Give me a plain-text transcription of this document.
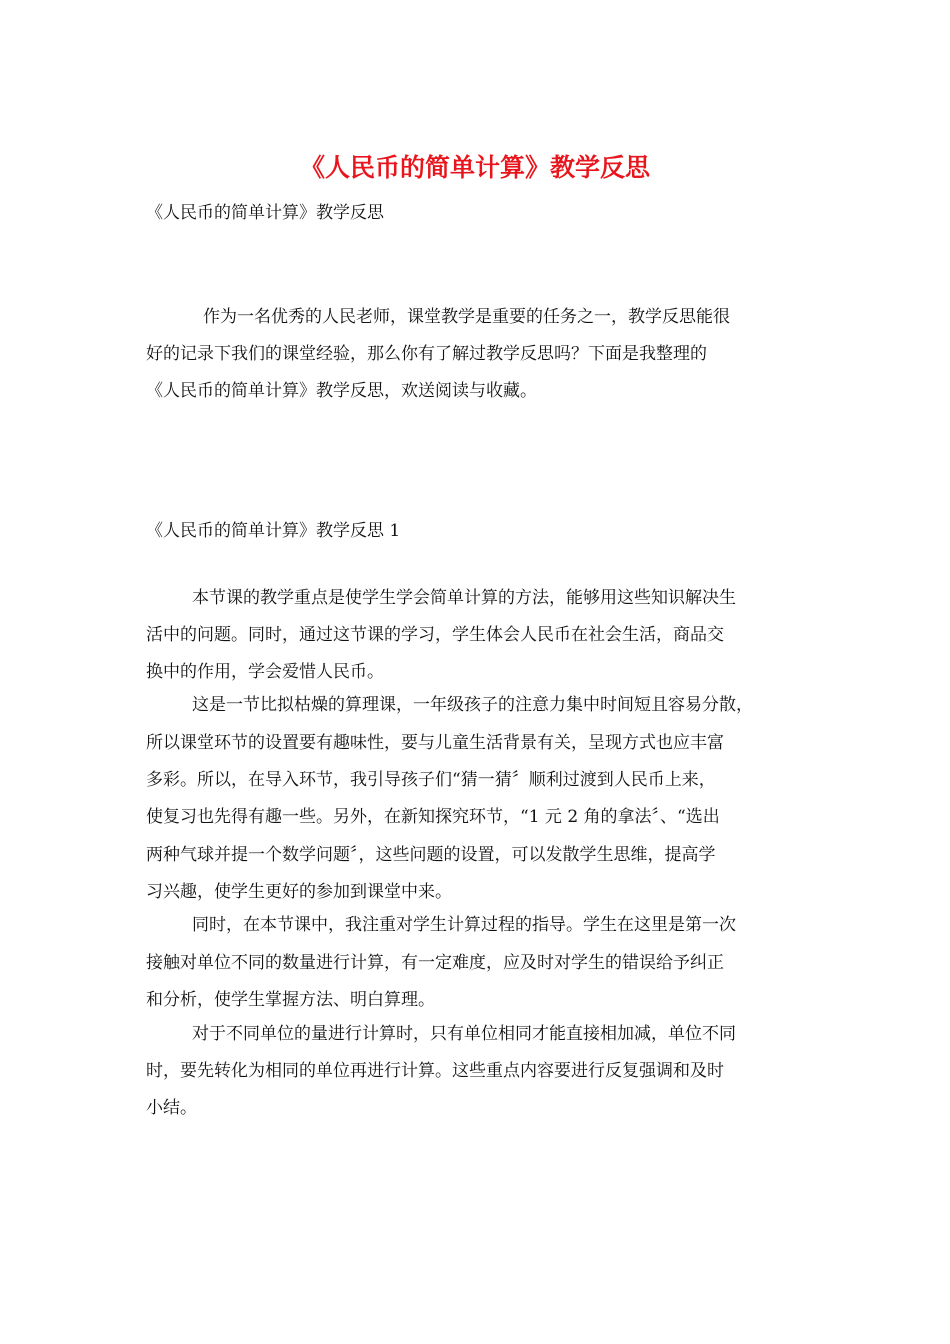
《人民币的简单计算》教学反思
《人民币的简单计算》教学反思
作为一名优秀的人民老师，课堂教学是重要的任务之一，教学反思能很
好的记录下我们的课堂经验，那么你有了解过教学反思吗？下面是我整理的
《人民币的简单计算》教学反思，欢送阅读与收藏。
《人民币的简单计算》教学反思 1
本节课的教学重点是使学生学会简单计算的方法，能够用这些知识解决生
活中的问题。同时，通过这节课的学习，学生体会人民币在社会生活，商品交
换中的作用，学会爱惜人民币。
这是一节比拟枯燥的算理课，一年级孩子的注意力集中时间短且容易分散，
所以课堂环节的设置要有趣味性，要与儿童生活背景有关，呈现方式也应丰富
多彩。所以，在导入环节，我引导孩子们“猜一猜〞顺利过渡到人民币上来，
使复习也先得有趣一些。另外，在新知探究环节，“1 元 2 角的拿法〞、“选出
两种气球并提一个数学问题〞，这些问题的设置，可以发散学生思维，提高学
习兴趣，使学生更好的参加到课堂中来。
同时，在本节课中，我注重对学生计算过程的指导。学生在这里是第一次
接触对单位不同的数量进行计算，有一定难度，应及时对学生的错误给予纠正
和分析，使学生掌握方法、明白算理。
对于不同单位的量进行计算时，只有单位相同才能直接相加减，单位不同
时，要先转化为相同的单位再进行计算。这些重点内容要进行反复强调和及时
小结。
